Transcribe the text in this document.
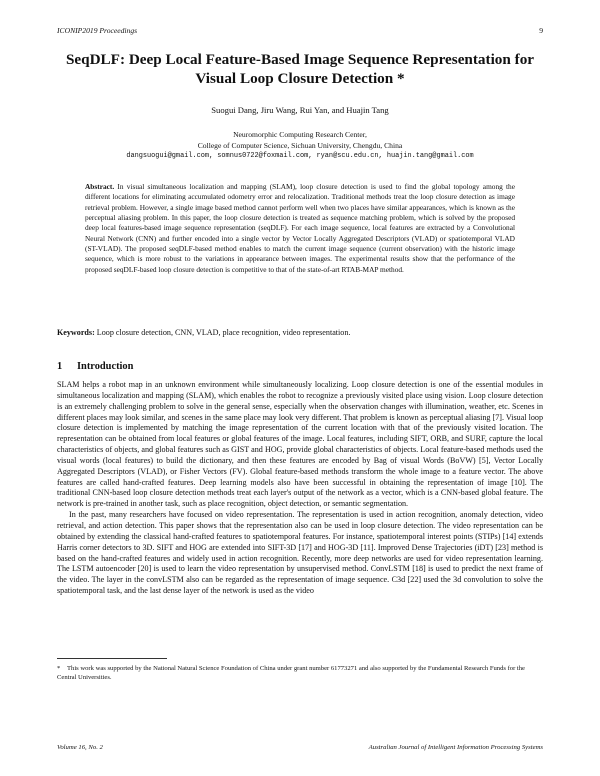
ICONIP2019 Proceedings	9
SeqDLF: Deep Local Feature-Based Image Sequence Representation for Visual Loop Closure Detection *
Suogui Dang, Jiru Wang, Rui Yan, and Huajin Tang
Neuromorphic Computing Research Center,
College of Computer Science, Sichuan University, Chengdu, China
dangsuogui@gmail.com, somnus0722@foxmail.com, ryan@scu.edu.cn, huajin.tang@gmail.com
Abstract. In visual simultaneous localization and mapping (SLAM), loop closure detection is used to find the global topology among the different locations for eliminating accumulated odometry error and relocalization. Traditional methods treat the loop closure detection as image retrieval problem. However, a single image based method cannot perform well when two places have similar appearances, which is known as the perceptual aliasing problem. In this paper, the loop closure detection is treated as sequence matching problem, which is solved by the proposed deep local features-based image sequence representation (seqDLF). For each image sequence, local features are extracted by a Convolutional Neural Network (CNN) and further encoded into a single vector by Vector Locally Aggregated Descriptors (VLAD) or spatiotemporal VLAD (ST-VLAD). The proposed seqDLF-based method enables to match the current image sequence (current observation) with the historic image sequence, which is more robust to the variations in appearance between images. The experimental results show that the performance of the proposed seqDLF-based loop closure detection is competitive to that of the state-of-art RTAB-MAP method.
Keywords: Loop closure detection, CNN, VLAD, place recognition, video representation.
1 Introduction

SLAM helps a robot map in an unknown environment while simultaneously localizing. Loop closure detection is one of the essential modules in simultaneous localization and mapping (SLAM), which enables the robot to recognize a previously visited place using vision. Loop closure detection is an extremely challenging problem to solve in the general sense, especially when the observation changes with illumination, weather, etc. Scenes in different places may look similar, and scenes in the same place may look very different. That problem is known as perceptual aliasing [7]. Visual loop closure detection is implemented by matching the image representation of the current location with that of the previously visited location. The representation can be obtained from local features or global features of the image. Local features, including SIFT, ORB, and SURF, capture the local characteristics of objects, and global features such as GIST and HOG, provide global characteristics of objects. Local feature-based methods used the visual words (local features) to build the dictionary, and then these features are encoded by Bag of visual Words (BoVW) [5], Vector Locally Aggregated Descriptors (VLAD), or Fisher Vectors (FV). Global feature-based methods transform the whole image to a feature vector. The above features are called hand-crafted features. Deep learning models also have been successful in obtaining the representation of image [10]. The traditional CNN-based loop closure detection methods treat each layer's output of the network as a vector, which is a CNN-based global feature. The network is pre-trained in another task, such as place recognition, object detection, or semantic segmentation.

In the past, many researchers have focused on video representation. The representation is used in action recognition, anomaly detection, video retrieval, and action detection. This paper shows that the representation also can be used in loop closure detection. The video representation can be obtained by extending the classical hand-crafted features to spatiotemporal features. For instance, spatiotemporal interest points (STIPs) [14] extends Harris corner detectors to 3D. SIFT and HOG are extended into SIFT-3D [17] and HOG-3D [11]. Improved Dense Trajectories (iDT) [23] method is based on the hand-crafted features and widely used in action recognition. Recently, more deep networks are used for video representation learning. The LSTM autoencoder [20] is used to learn the video representation by unsupervised method. ConvLSTM [18] is used to predict the next frame of the video. The layer in the convLSTM also can be regarded as the representation of image sequence. C3d [22] used the 3d convolution to solve the spatiotemporal task, and the last dense layer of the network is used as the video

* This work was supported by the National Natural Science Foundation of China under grant number 61773271 and also supported by the Fundamental Research Funds for the Central Universities.
Volume 16, No. 2	Australian Journal of Intelligent Information Processing Systems
